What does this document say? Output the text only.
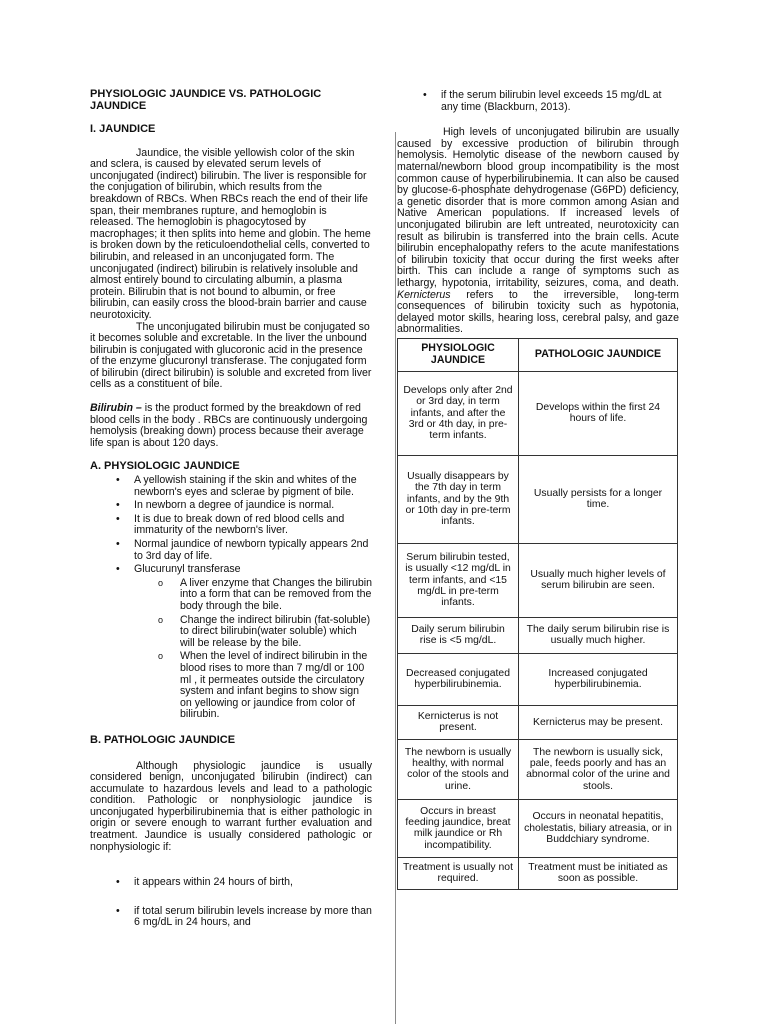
PHYSIOLOGIC JAUNDICE VS. PATHOLOGIC JAUNDICE
I. JAUNDICE

Jaundice, the visible yellowish color of the skin and sclera, is caused by elevated serum levels of unconjugated (indirect) bilirubin. The liver is responsible for the conjugation of bilirubin, which results from the breakdown of RBCs. When RBCs reach the end of their life span, their membranes rupture, and hemoglobin is released. The hemoglobin is phagocytosed by macrophages; it then splits into heme and globin. The heme is broken down by the reticuloendothelial cells, converted to bilirubin, and released in an unconjugated form. The unconjugated (indirect) bilirubin is relatively insoluble and almost entirely bound to circulating albumin, a plasma protein. Bilirubin that is not bound to albumin, or free bilirubin, can easily cross the blood-brain barrier and cause neurotoxicity.

The unconjugated bilirubin must be conjugated so it becomes soluble and excretable. In the liver the unbound bilirubin is conjugated with glucoronic acid in the presence of the enzyme glucuronyl transferase. The conjugated form of bilirubin (direct bilirubin) is soluble and excreted from liver cells as a constituent of bile.

Bilirubin – is the product formed by the breakdown of red blood cells in the body . RBCs are continuously undergoing hemolysis (breaking down) process because their average life span is about 120 days.

A. PHYSIOLOGIC JAUNDICE
• A yellowish staining if the skin and whites of the newborn's eyes and sclerae by pigment of bile.
• In newborn a degree of jaundice is normal.
• It is due to break down of red blood cells and immaturity of the newborn's liver.
• Normal jaundice of newborn typically appears 2nd to 3rd day of life.
• Glucurunyl transferase
o A liver enzyme that Changes the bilirubin into a form that can be removed from the body through the bile.
o Change the indirect bilirubin (fat-soluble) to direct bilirubin(water soluble) which will be release by the bile.
o When the level of indirect bilirubin in the blood rises to more than 7 mg/dl or 100 ml , it permeates outside the circulatory system and infant begins to show sign on yellowing or jaundice from color of bilirubin.
B. PATHOLOGIC JAUNDICE

Although physiologic jaundice is usually considered benign, unconjugated bilirubin (indirect) can accumulate to hazardous levels and lead to a pathologic condition. Pathologic or nonphysiologic jaundice is unconjugated hyperbilirubinemia that is either pathologic in origin or severe enough to warrant further evaluation and treatment. Jaundice is usually considered pathologic or nonphysiologic if:

• it appears within 24 hours of birth,
• if total serum bilirubin levels increase by more than 6 mg/dL in 24 hours, and
• if the serum bilirubin level exceeds 15 mg/dL at any time (Blackburn, 2013).

High levels of unconjugated bilirubin are usually caused by excessive production of bilirubin through hemolysis. Hemolytic disease of the newborn caused by maternal/newborn blood group incompatibility is the most common cause of hyperbilirubinemia. It can also be caused by glucose-6-phosphate dehydrogenase (G6PD) deficiency, a genetic disorder that is more common among Asian and Native American populations. If increased levels of unconjugated bilirubin are left untreated, neurotoxicity can result as bilirubin is transferred into the brain cells. Acute bilirubin encephalopathy refers to the acute manifestations of bilirubin toxicity that occur during the first weeks after birth. This can include a range of symptoms such as lethargy, hypotonia, irritability, seizures, coma, and death. Kernicterus refers to the irreversible, long-term consequences of bilirubin toxicity such as hypotonia, delayed motor skills, hearing loss, cerebral palsy, and gaze abnormalities.

PHYSIOLOGIC JAUNDICE	PATHOLOGIC JAUNDICE
Develops only after 2nd or 3rd day, in term infants, and after the 3rd or 4th day, in pre-term infants.	Develops within the first 24 hours of life.
Usually disappears by the 7th day in term infants, and by the 9th or 10th day in pre-term infants.	Usually persists for a longer time.
Serum bilirubin tested, is usually <12 mg/dL in term infants, and <15 mg/dL in pre-term infants.	Usually much higher levels of serum bilirubin are seen.
Daily serum bilirubin rise is <5 mg/dL.	The daily serum bilirubin rise is usually much higher.
Decreased conjugated hyperbilirubinemia.	Increased conjugated hyperbilirubinemia.
Kernicterus is not present.	Kernicterus may be present.
The newborn is usually healthy, with normal color of the stools and urine.	The newborn is usually sick, pale, feeds poorly and has an abnormal color of the urine and stools.
Occurs in breast feeding jaundice, breat milk jaundice or Rh incompatibility.	Occurs in neonatal hepatitis, cholestatis, biliary atreasia, or in Buddchiary syndrome.
Treatment is usually not required.	Treatment must be initiated as soon as possible.
